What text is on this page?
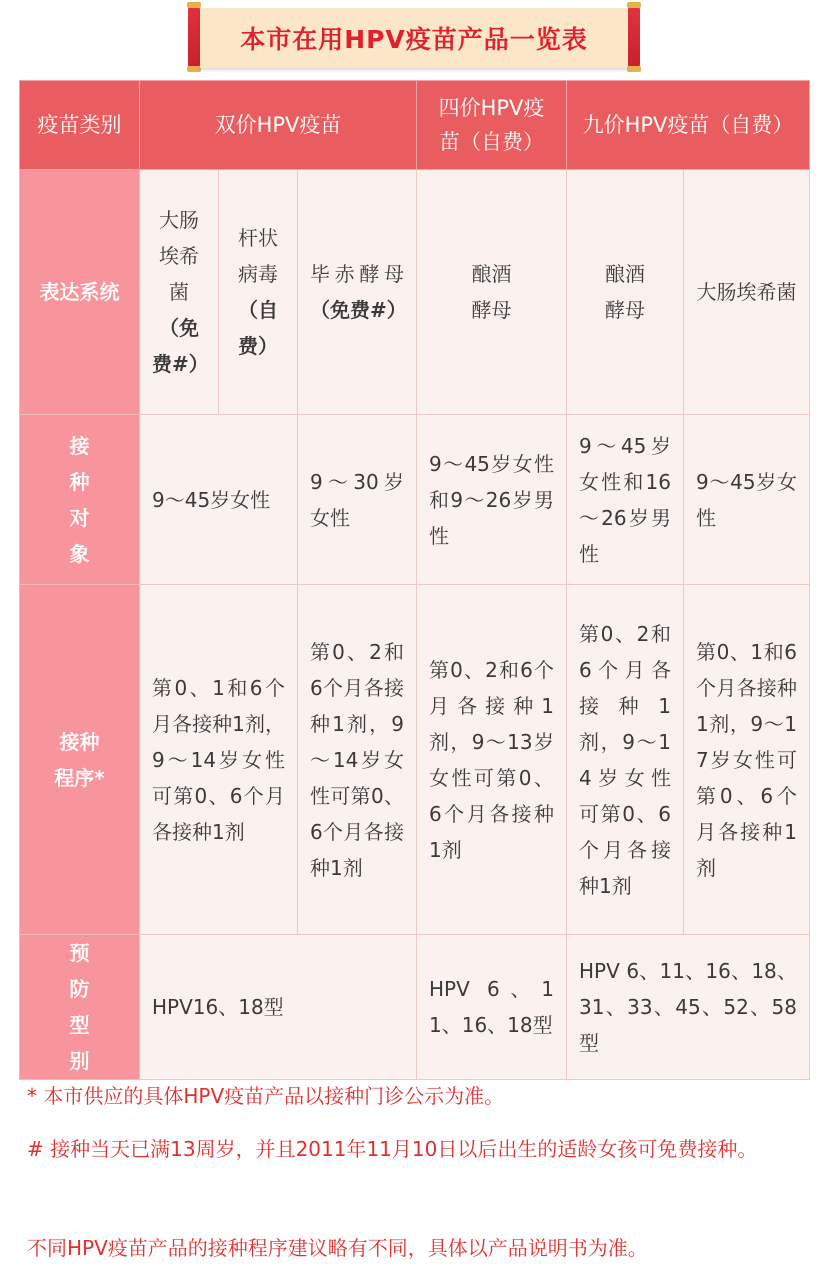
本市在用HPV疫苗产品一览表
疫苗类别	双价HPV疫苗			四价HPV疫苗（自费）	九价HPV疫苗（自费）	
表达系统	大肠埃希菌（免费#）	杆状病毒（自费）	毕赤酵母（免费#）	酿酒酵母	酿酒酵母	大肠埃希菌
接种对象	9～45岁女性		9～30岁女性	9～45岁女性和9～26岁男性	9～45岁女性和16～26岁男性	9～45岁女性
接种程序*	第0、1和6个月各接种1剂，9～14岁女性可第0、6个月各接种1剂		第0、2和6个月各接种1剂，9～14岁女性可第0、6个月各接种1剂	第0、2和6个月各接种1剂，9～13岁女性可第0、6个月各接种1剂	第0、2和6个月各接种1剂，9～14岁女性可第0、6个月各接种1剂	第0、1和6个月各接种1剂，9～17岁女性可第0、6个月各接种1剂
预防型别	HPV16、18型			HPV 6、11、16、18型	HPV 6、11、16、18、31、33、45、52、58型	
* 本市供应的具体HPV疫苗产品以接种门诊公示为准。
# 接种当天已满13周岁，并且2011年11月10日以后出生的适龄女孩可免费接种。
不同HPV疫苗产品的接种程序建议略有不同，具体以产品说明书为准。
